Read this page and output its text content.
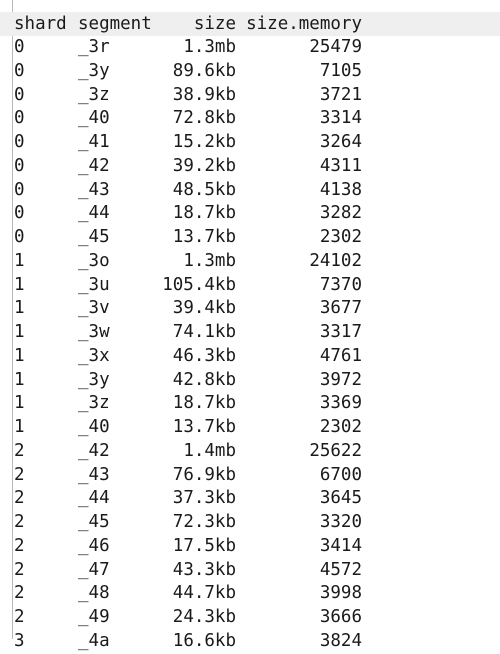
shard segment size size.memory
0	_3r	1.3mb	25479
0	_3y	89.6kb	7105
0	_3z	38.9kb	3721
0	_40	72.8kb	3314
0	_41	15.2kb	3264
0	_42	39.2kb	4311
0	_43	48.5kb	4138
0	_44	18.7kb	3282
0	_45	13.7kb	2302
1	_3o	1.3mb	24102
1	_3u	105.4kb	7370
1	_3v	39.4kb	3677
1	_3w	74.1kb	3317
1	_3x	46.3kb	4761
1	_3y	42.8kb	3972
1	_3z	18.7kb	3369
1	_40	13.7kb	2302
2	_42	1.4mb	25622
2	_43	76.9kb	6700
2	_44	37.3kb	3645
2	_45	72.3kb	3320
2	_46	17.5kb	3414
2	_47	43.3kb	4572
2	_48	44.7kb	3998
2	_49	24.3kb	3666
3	_4a	16.6kb	3824
